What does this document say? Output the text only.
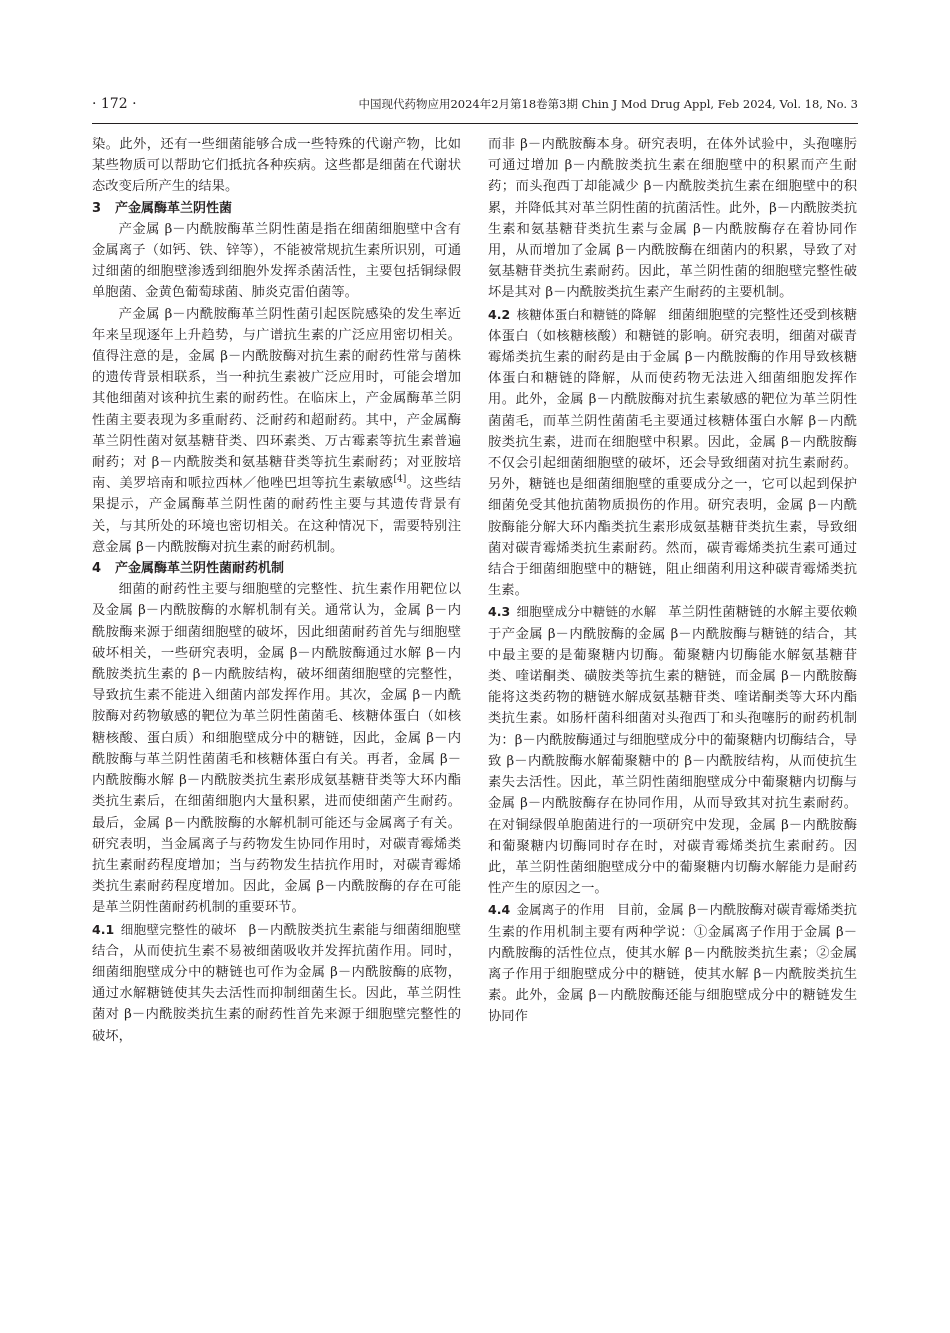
· 172 ·	中国现代药物应用2024年2月第18卷第3期 Chin J Mod Drug Appl, Feb 2024, Vol. 18, No. 3

染。此外，还有一些细菌能够合成一些特殊的代谢产物，比如某些物质可以帮助它们抵抗各种疾病。这些都是细菌在代谢状态改变后所产生的结果。

3 产金属酶革兰阴性菌

产金属 β－内酰胺酶革兰阴性菌是指在细菌细胞壁中含有金属离子（如钙、铁、锌等），不能被常规抗生素所识别，可通过细菌的细胞壁渗透到细胞外发挥杀菌活性，主要包括铜绿假单胞菌、金黄色葡萄球菌、肺炎克雷伯菌等。

产金属 β－内酰胺酶革兰阴性菌引起医院感染的发生率近年来呈现逐年上升趋势，与广谱抗生素的广泛应用密切相关。值得注意的是，金属 β－内酰胺酶对抗生素的耐药性常与菌株的遗传背景相联系，当一种抗生素被广泛应用时，可能会增加其他细菌对该种抗生素的耐药性。在临床上，产金属酶革兰阴性菌主要表现为多重耐药、泛耐药和超耐药。其中，产金属酶革兰阴性菌对氨基糖苷类、四环素类、万古霉素等抗生素普遍耐药；对 β－内酰胺类和氨基糖苷类等抗生素耐药；对亚胺培南、美罗培南和哌拉西林／他唑巴坦等抗生素敏感[4]。这些结果提示，产金属酶革兰阴性菌的耐药性主要与其遗传背景有关，与其所处的环境也密切相关。在这种情况下，需要特别注意金属 β－内酰胺酶对抗生素的耐药机制。

4 产金属酶革兰阴性菌耐药机制

细菌的耐药性主要与细胞壁的完整性、抗生素作用靶位以及金属 β－内酰胺酶的水解机制有关。通常认为，金属 β－内酰胺酶来源于细菌细胞壁的破坏，因此细菌耐药首先与细胞壁破坏相关，一些研究表明，金属 β－内酰胺酶通过水解 β－内酰胺类抗生素的 β－内酰胺结构，破坏细菌细胞壁的完整性，导致抗生素不能进入细菌内部发挥作用。其次，金属 β－内酰胺酶对药物敏感的靶位为革兰阴性菌菌毛、核糖体蛋白（如核糖核酸、蛋白质）和细胞壁成分中的糖链，因此，金属 β－内酰胺酶与革兰阴性菌菌毛和核糖体蛋白有关。再者，金属 β－内酰胺酶水解 β－内酰胺类抗生素形成氨基糖苷类等大环内酯类抗生素后，在细菌细胞内大量积累，进而使细菌产生耐药。最后，金属 β－内酰胺酶的水解机制可能还与金属离子有关。研究表明，当金属离子与药物发生协同作用时，对碳青霉烯类抗生素耐药程度增加；当与药物发生拮抗作用时，对碳青霉烯类抗生素耐药程度增加。因此，金属 β－内酰胺酶的存在可能是革兰阴性菌耐药机制的重要环节。

4.1  细胞壁完整性的破坏 β－内酰胺类抗生素能与细菌细胞壁结合，从而使抗生素不易被细菌吸收并发挥抗菌作用。同时，细菌细胞壁成分中的糖链也可作为金属 β－内酰胺酶的底物，通过水解糖链使其失去活性而抑制细菌生长。因此，革兰阴性菌对 β－内酰胺类抗生素的耐药性首先来源于细胞壁完整性的破坏，

而非 β－内酰胺酶本身。研究表明，在体外试验中，头孢噻肟可通过增加 β－内酰胺类抗生素在细胞壁中的积累而产生耐药；而头孢西丁却能减少 β－内酰胺类抗生素在细胞壁中的积累，并降低其对革兰阴性菌的抗菌活性。此外，β－内酰胺类抗生素和氨基糖苷类抗生素与金属 β－内酰胺酶存在着协同作用，从而增加了金属 β－内酰胺酶在细菌内的积累，导致了对氨基糖苷类抗生素耐药。因此，革兰阴性菌的细胞壁完整性破坏是其对 β－内酰胺类抗生素产生耐药的主要机制。

4.2  核糖体蛋白和糖链的降解 细菌细胞壁的完整性还受到核糖体蛋白（如核糖核酸）和糖链的影响。研究表明，细菌对碳青霉烯类抗生素的耐药是由于金属 β－内酰胺酶的作用导致核糖体蛋白和糖链的降解，从而使药物无法进入细菌细胞发挥作用。此外，金属 β－内酰胺酶对抗生素敏感的靶位为革兰阴性菌菌毛，而革兰阴性菌菌毛主要通过核糖体蛋白水解 β－内酰胺类抗生素，进而在细胞壁中积累。因此，金属 β－内酰胺酶不仅会引起细菌细胞壁的破坏，还会导致细菌对抗生素耐药。另外，糖链也是细菌细胞壁的重要成分之一，它可以起到保护细菌免受其他抗菌物质损伤的作用。研究表明，金属 β－内酰胺酶能分解大环内酯类抗生素形成氨基糖苷类抗生素，导致细菌对碳青霉烯类抗生素耐药。然而，碳青霉烯类抗生素可通过结合于细菌细胞壁中的糖链，阻止细菌利用这种碳青霉烯类抗生素。

4.3  细胞壁成分中糖链的水解 革兰阴性菌糖链的水解主要依赖于产金属 β－内酰胺酶的金属 β－内酰胺酶与糖链的结合，其中最主要的是葡聚糖内切酶。葡聚糖内切酶能水解氨基糖苷类、喹诺酮类、磺胺类等抗生素的糖链，而金属 β－内酰胺酶能将这类药物的糖链水解成氨基糖苷类、喹诺酮类等大环内酯类抗生素。如肠杆菌科细菌对头孢西丁和头孢噻肟的耐药机制为：β－内酰胺酶通过与细胞壁成分中的葡聚糖内切酶结合，导致 β－内酰胺酶水解葡聚糖中的 β－内酰胺结构，从而使抗生素失去活性。因此，革兰阴性菌细胞壁成分中葡聚糖内切酶与金属 β－内酰胺酶存在协同作用，从而导致其对抗生素耐药。在对铜绿假单胞菌进行的一项研究中发现，金属 β－内酰胺酶和葡聚糖内切酶同时存在时，对碳青霉烯类抗生素耐药。因此，革兰阴性菌细胞壁成分中的葡聚糖内切酶水解能力是耐药性产生的原因之一。

4.4  金属离子的作用 目前，金属 β－内酰胺酶对碳青霉烯类抗生素的作用机制主要有两种学说：①金属离子作用于金属 β－内酰胺酶的活性位点，使其水解 β－内酰胺类抗生素；②金属离子作用于细胞壁成分中的糖链，使其水解 β－内酰胺类抗生素。此外，金属 β－内酰胺酶还能与细胞壁成分中的糖链发生协同作
